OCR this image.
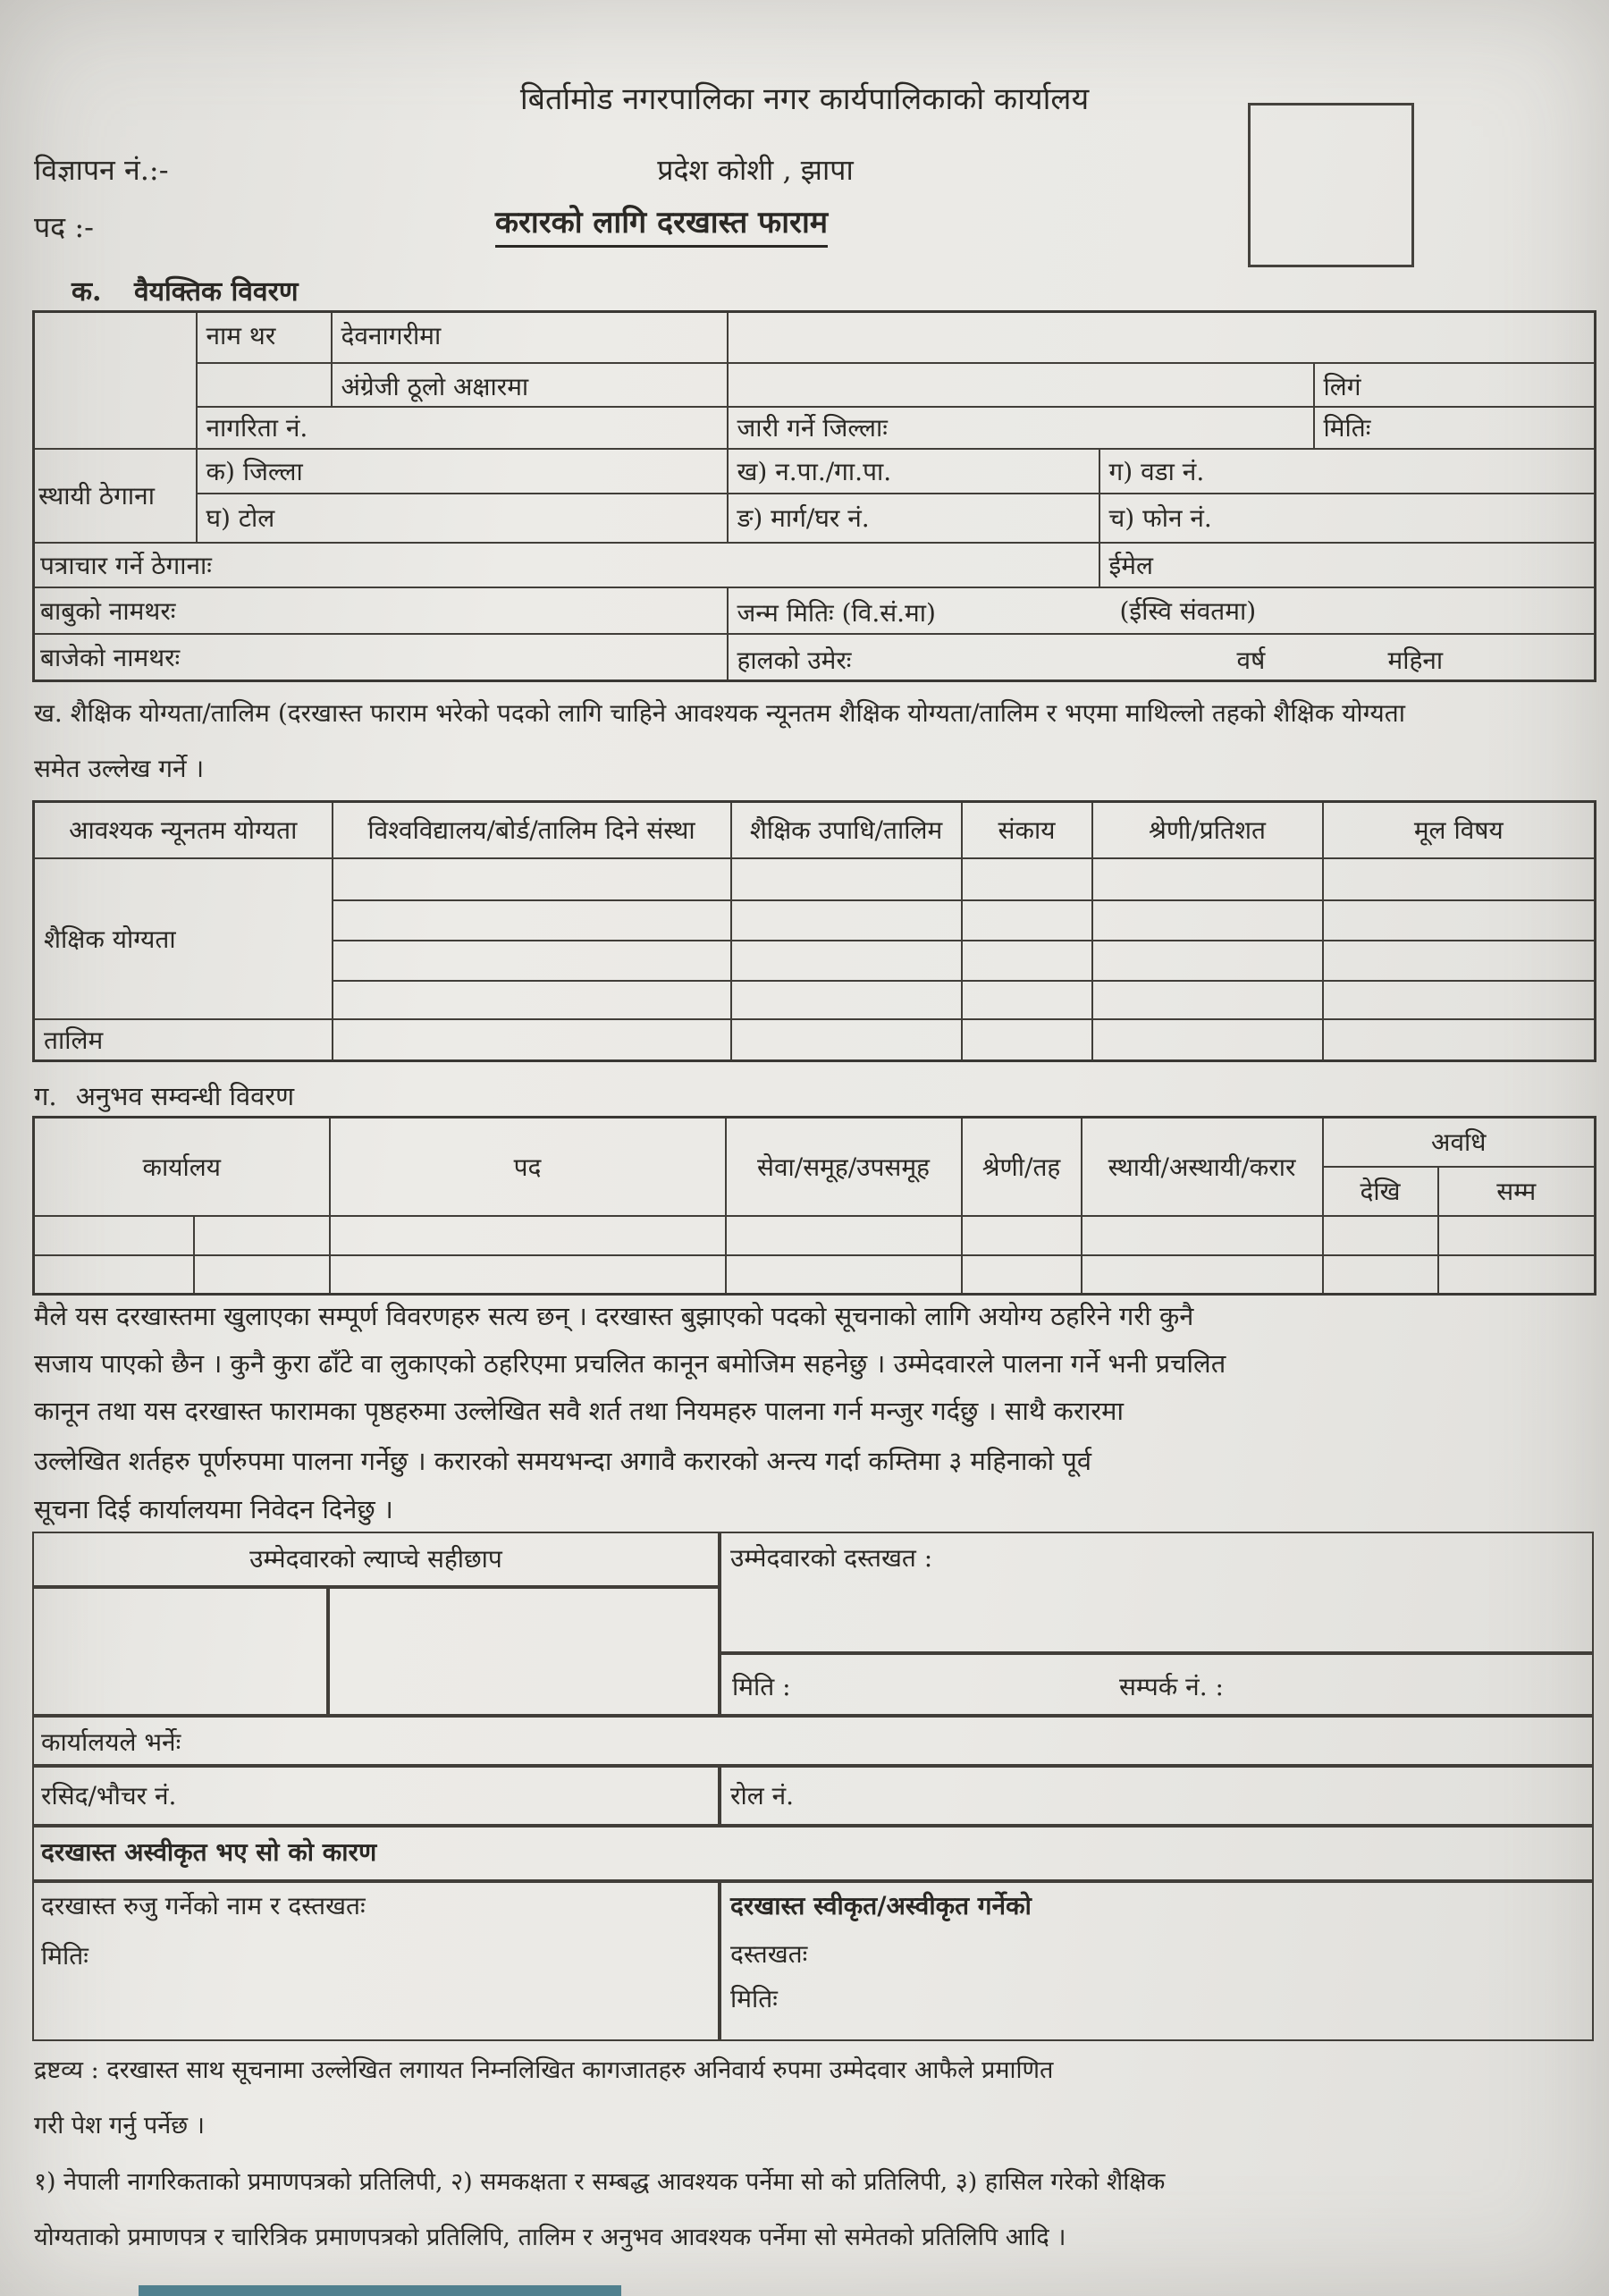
बिर्तामोड नगरपालिका नगर कार्यपालिकाको कार्यालय
प्रदेश कोशी , झापा
करारको लागि दरखास्त फाराम
विज्ञापन नं.:-
पद :-
क. वैयक्तिक विवरण
	नाम थर	देवनागरीमा			
		अंग्रेजी ठूलो अक्षारमा			लिगं
	नागरिता नं.		जारी गर्ने जिल्लाः		मितिः
स्थायी ठेगाना	क) जिल्ला		ख) न.पा./गा.पा.	ग) वडा नं.	
	घ) टोल		ङ) मार्ग/घर नं.	च) फोन नं.	
पत्राचार गर्ने ठेगानाः				ईमेल	
बाबुको नामथरः			जन्म मितिः (वि.सं.मा) (ईस्वि संवतमा)		

बाजेको नामथरः			हालको उमेरः वर्ष महिना		
ख. शैक्षिक योग्यता/तालिम (दरखास्त फाराम भरेको पदको लागि चाहिने आवश्यक न्यूनतम शैक्षिक योग्यता/तालिम र भएमा माथिल्लो तहको शैक्षिक योग्यता
समेत उल्लेख गर्ने ।
आवश्यक न्यूनतम योग्यता	विश्वविद्यालय/बोर्ड/तालिम दिने संस्था	शैक्षिक उपाधि/तालिम	संकाय	श्रेणी/प्रतिशत	मूल विषय
शैक्षिक योग्यता					

तालिम					
ग. अनुभव सम्वन्धी विवरण
कार्यालय		पद	सेवा/समूह/उपसमूह	श्रेणी/तह	स्थायी/अस्थायी/करार	अवधि	
						देखि	सम्म

मैले यस दरखास्तमा खुलाएका सम्पूर्ण विवरणहरु सत्य छन् । दरखास्त बुझाएको पदको सूचनाको लागि अयोग्य ठहरिने गरी कुनै
सजाय पाएको छैन । कुनै कुरा ढाँटे वा लुकाएको ठहरिएमा प्रचलित कानून बमोजिम सहनेछु । उम्मेदवारले पालना गर्ने भनी प्रचलित
कानून तथा यस दरखास्त फारामका पृष्ठहरुमा उल्लेखित सवै शर्त तथा नियमहरु पालना गर्न मन्जुर गर्दछु । साथै करारमा
उल्लेखित शर्तहरु पूर्णरुपमा पालना गर्नेछु । करारको समयभन्दा अगावै करारको अन्त्य गर्दा कम्तिमा ३ महिनाको पूर्व
सूचना दिई कार्यालयमा निवेदन दिनेछु ।
उम्मेदवारको ल्याप्चे सहीछाप	उम्मेदवारको दस्तखत :
मिति :	सम्पर्क नं. :
कार्यालयले भर्नेः
रसिद/भौचर नं.	रोल नं.
दरखास्त अस्वीकृत भए सो को कारण
दरखास्त रुजु गर्नेको नाम र दस्तखतः
मितिः
दरखास्त स्वीकृत/अस्वीकृत गर्नेको
दस्तखतः
मितिः
द्रष्टव्य : दरखास्त साथ सूचनामा उल्लेखित लगायत निम्नलिखित कागजातहरु अनिवार्य रुपमा उम्मेदवार आफैले प्रमाणित
गरी पेश गर्नु पर्नेछ ।
१) नेपाली नागरिकताको प्रमाणपत्रको प्रतिलिपी, २) समकक्षता र सम्बद्ध आवश्यक पर्नेमा सो को प्रतिलिपी, ३) हासिल गरेको शैक्षिक
योग्यताको प्रमाणपत्र र चारित्रिक प्रमाणपत्रको प्रतिलिपि, तालिम र अनुभव आवश्यक पर्नेमा सो समेतको प्रतिलिपि आदि ।
